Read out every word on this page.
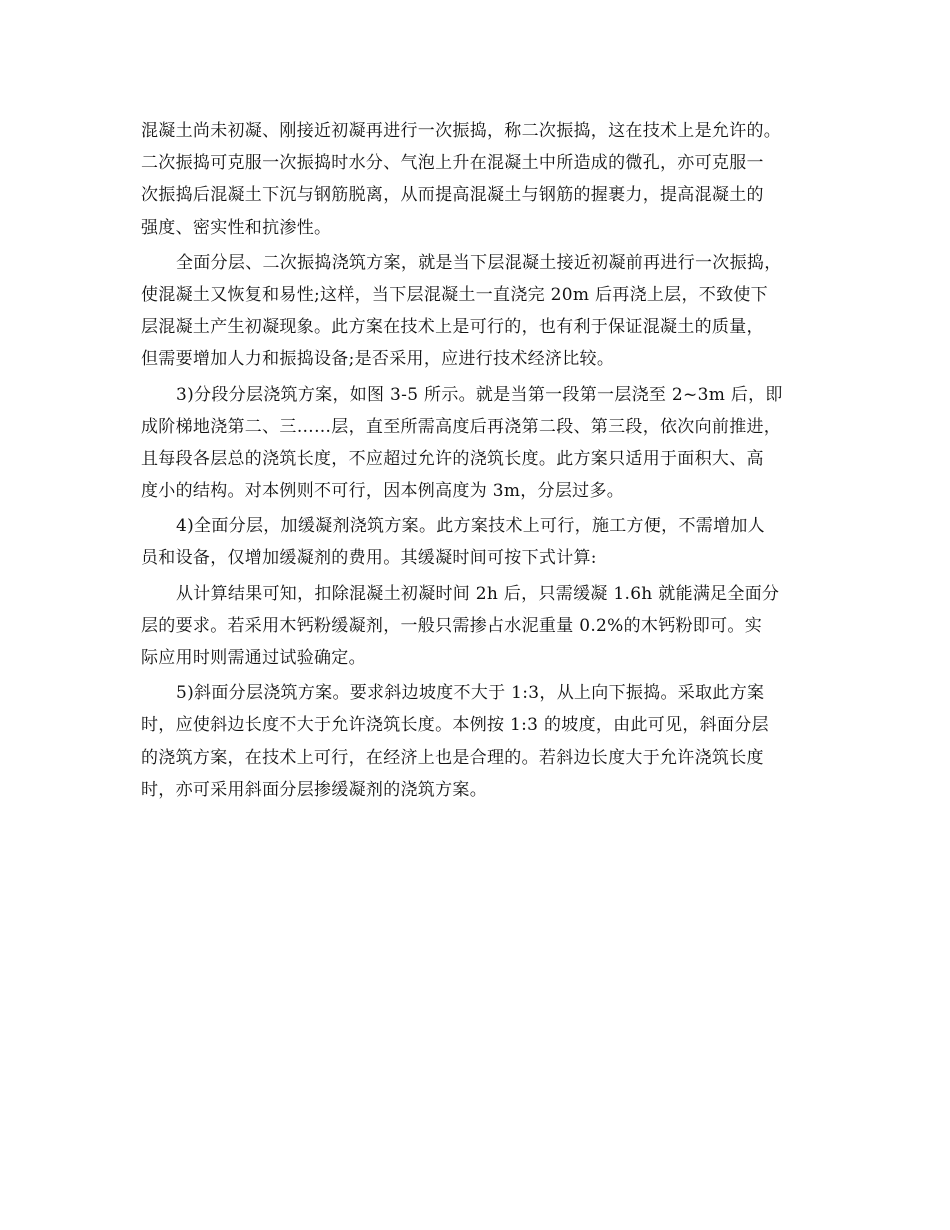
混凝土尚未初凝、刚接近初凝再进行一次振捣，称二次振捣，这在技术上是允许的。
二次振捣可克服一次振捣时水分、气泡上升在混凝土中所造成的微孔，亦可克服一
次振捣后混凝土下沉与钢筋脱离，从而提高混凝土与钢筋的握裹力，提高混凝土的
强度、密实性和抗渗性。
全面分层、二次振捣浇筑方案，就是当下层混凝土接近初凝前再进行一次振捣，
使混凝土又恢复和易性;这样，当下层混凝土一直浇完 20m 后再浇上层，不致使下
层混凝土产生初凝现象。此方案在技术上是可行的，也有利于保证混凝土的质量，
但需要增加人力和振捣设备;是否采用，应进行技术经济比较。
3)分段分层浇筑方案，如图 3-5 所示。就是当第一段第一层浇至 2~3m 后，即
成阶梯地浇第二、三……层，直至所需高度后再浇第二段、第三段，依次向前推进，
且每段各层总的浇筑长度，不应超过允许的浇筑长度。此方案只适用于面积大、高
度小的结构。对本例则不可行，因本例高度为 3m，分层过多。
4)全面分层，加缓凝剂浇筑方案。此方案技术上可行，施工方便，不需增加人
员和设备，仅增加缓凝剂的费用。其缓凝时间可按下式计算:
从计算结果可知，扣除混凝土初凝时间 2h 后，只需缓凝 1.6h 就能满足全面分
层的要求。若采用木钙粉缓凝剂，一般只需掺占水泥重量 0.2%的木钙粉即可。实
际应用时则需通过试验确定。
5)斜面分层浇筑方案。要求斜边坡度不大于 1:3，从上向下振捣。采取此方案
时，应使斜边长度不大于允许浇筑长度。本例按 1:3 的坡度，由此可见，斜面分层
的浇筑方案，在技术上可行，在经济上也是合理的。若斜边长度大于允许浇筑长度
时，亦可采用斜面分层掺缓凝剂的浇筑方案。
